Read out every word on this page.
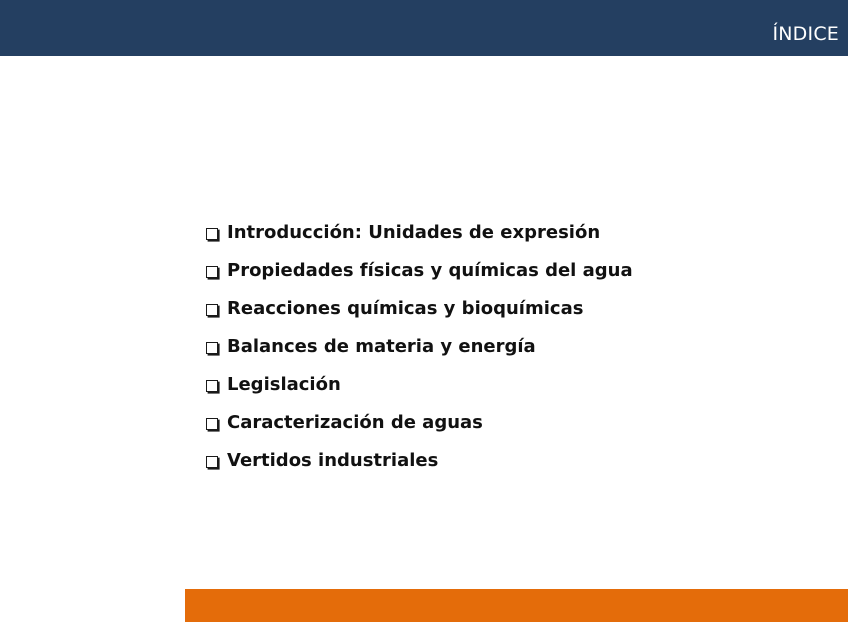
ÍNDICE
Introducción: Unidades de expresión
Propiedades físicas y químicas del agua
Reacciones químicas y bioquímicas
Balances de materia y energía
Legislación
Caracterización de aguas
Vertidos industriales
